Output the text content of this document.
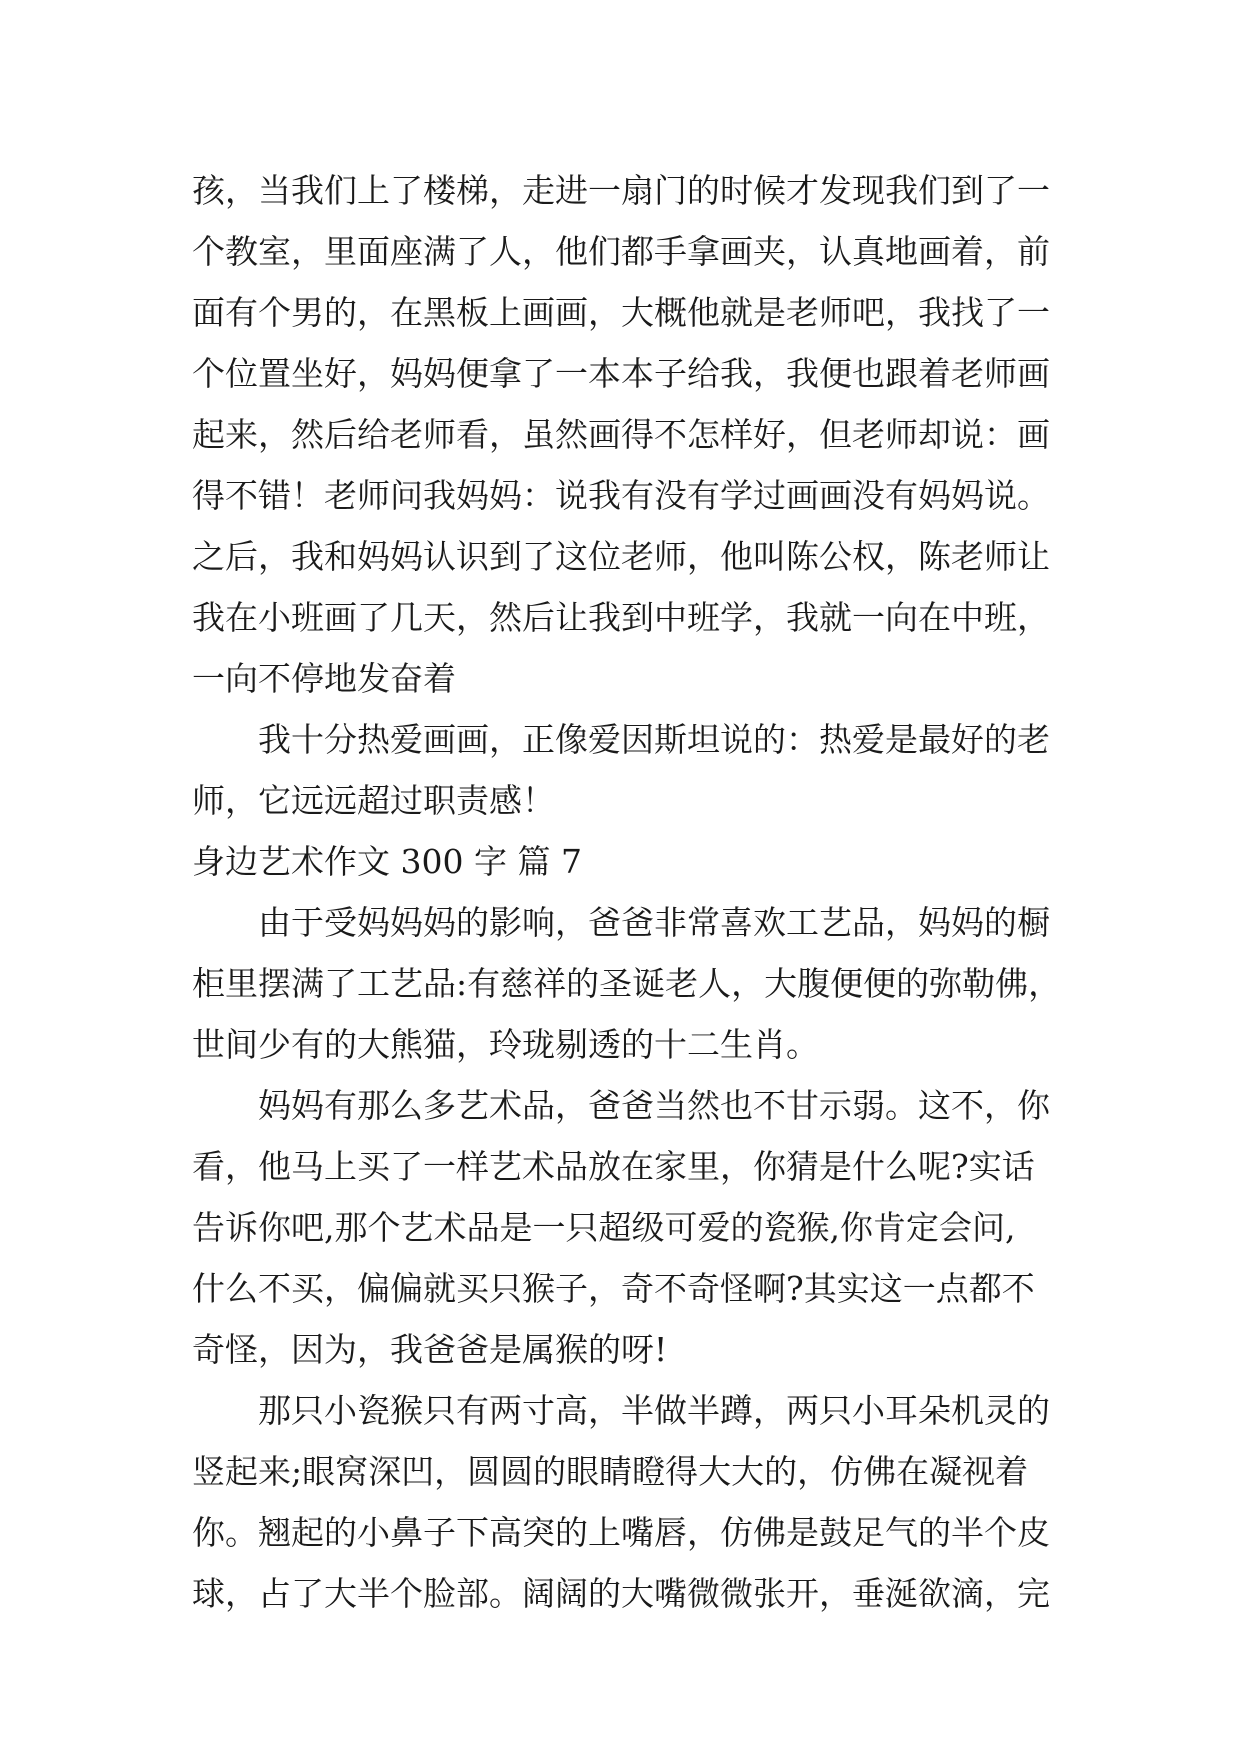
孩，当我们上了楼梯，走进一扇门的时候才发现我们到了一
个教室，里面座满了人，他们都手拿画夹，认真地画着，前
面有个男的，在黑板上画画，大概他就是老师吧，我找了一
个位置坐好，妈妈便拿了一本本子给我，我便也跟着老师画
起来，然后给老师看，虽然画得不怎样好，但老师却说：画
得不错！老师问我妈妈：说我有没有学过画画没有妈妈说。
之后，我和妈妈认识到了这位老师，他叫陈公权，陈老师让
我在小班画了几天，然后让我到中班学，我就一向在中班，
一向不停地发奋着
我十分热爱画画，正像爱因斯坦说的：热爱是最好的老
师，它远远超过职责感！
身边艺术作文 300 字 篇 7
由于受妈妈妈的影响，爸爸非常喜欢工艺品，妈妈的橱
柜里摆满了工艺品:有慈祥的圣诞老人，大腹便便的弥勒佛，
世间少有的大熊猫，玲珑剔透的十二生肖。
妈妈有那么多艺术品，爸爸当然也不甘示弱。这不，你
看，他马上买了一样艺术品放在家里，你猜是什么呢?实话
告诉你吧,那个艺术品是一只超级可爱的瓷猴,你肯定会问,
什么不买，偏偏就买只猴子，奇不奇怪啊?其实这一点都不
奇怪，因为，我爸爸是属猴的呀!
那只小瓷猴只有两寸高，半做半蹲，两只小耳朵机灵的
竖起来;眼窝深凹，圆圆的眼睛瞪得大大的，仿佛在凝视着
你。翘起的小鼻子下高突的上嘴唇，仿佛是鼓足气的半个皮
球，占了大半个脸部。阔阔的大嘴微微张开，垂涎欲滴，完
